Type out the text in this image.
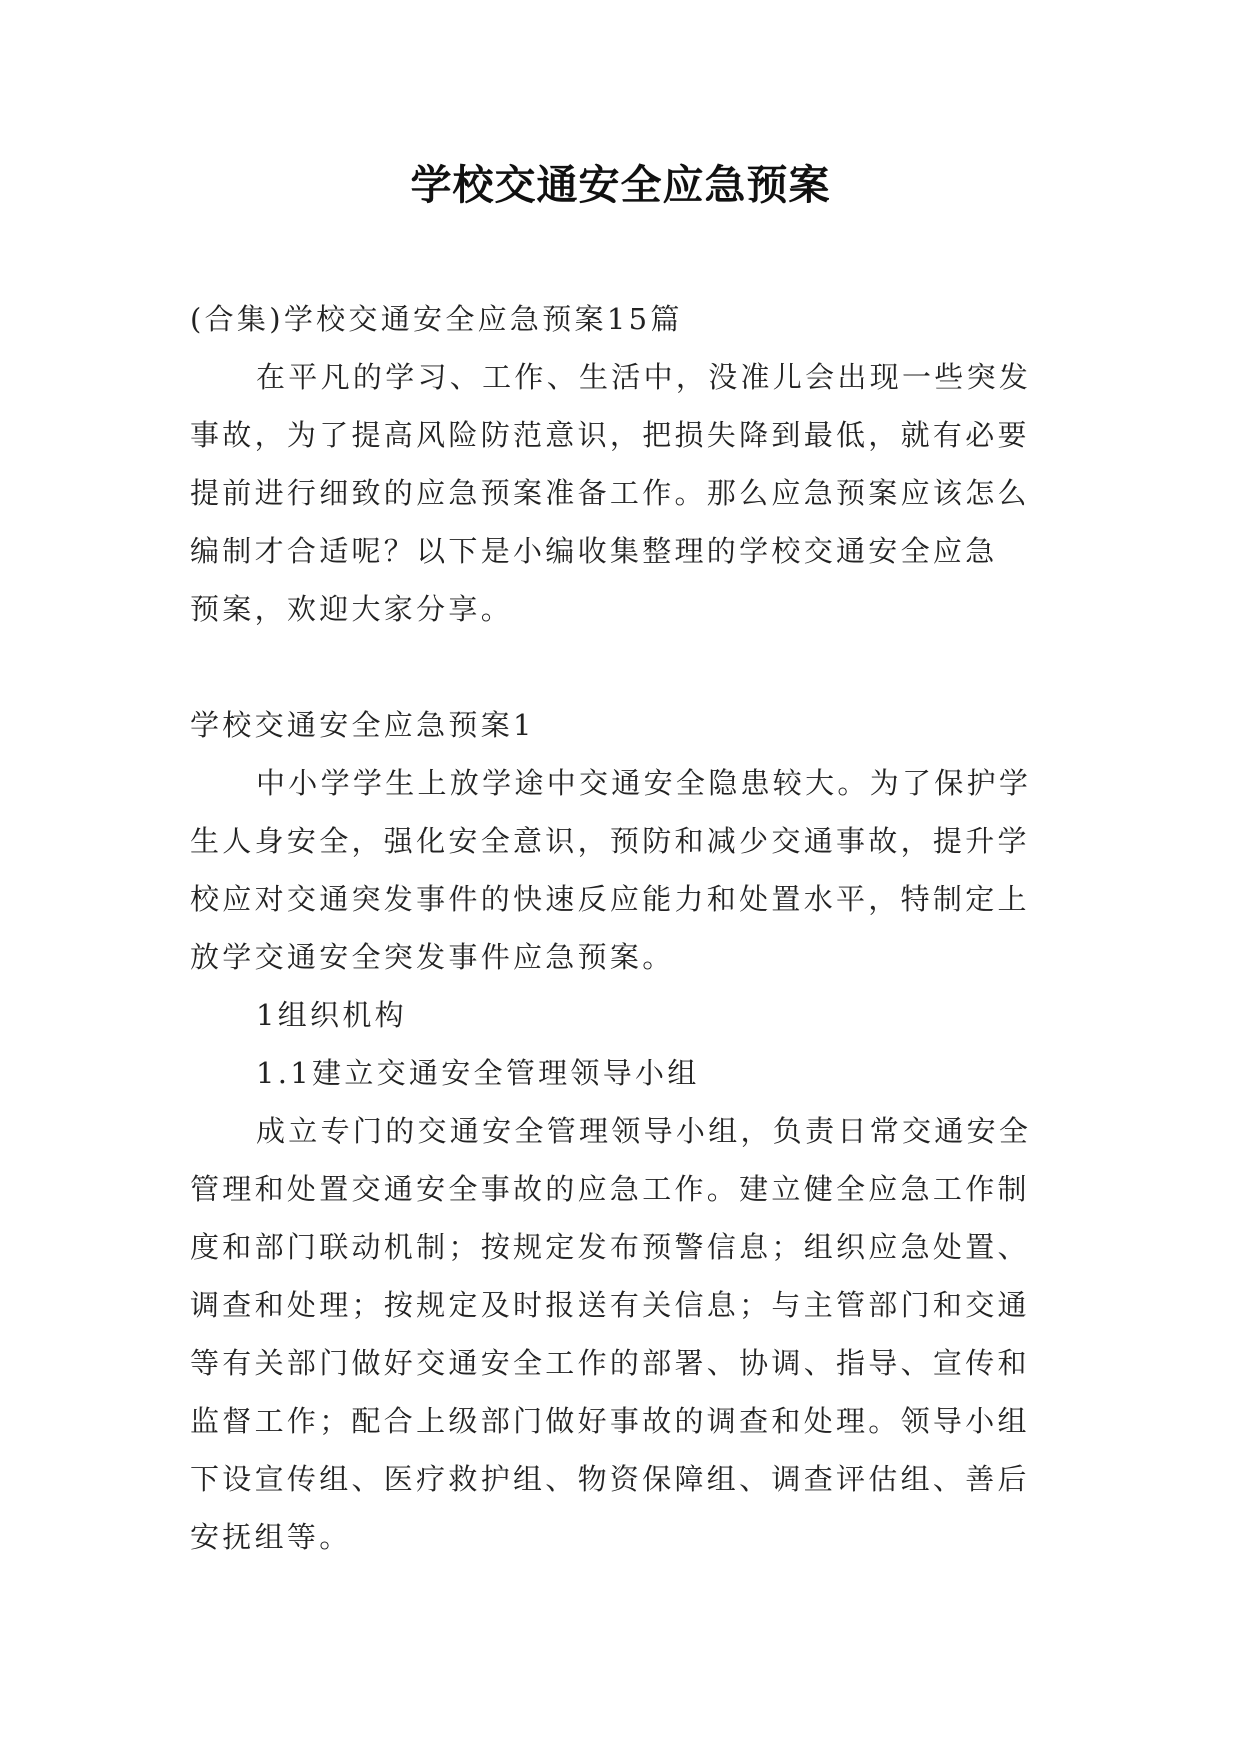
学校交通安全应急预案
(合集)学校交通安全应急预案15篇
在平凡的学习、工作、生活中，没准儿会出现一些突发
事故，为了提高风险防范意识，把损失降到最低，就有必要
提前进行细致的应急预案准备工作。那么应急预案应该怎么
编制才合适呢？以下是小编收集整理的学校交通安全应急
预案，欢迎大家分享。
学校交通安全应急预案1
中小学学生上放学途中交通安全隐患较大。为了保护学
生人身安全，强化安全意识，预防和减少交通事故，提升学
校应对交通突发事件的快速反应能力和处置水平，特制定上
放学交通安全突发事件应急预案。
1组织机构
1.1建立交通安全管理领导小组
成立专门的交通安全管理领导小组，负责日常交通安全
管理和处置交通安全事故的应急工作。建立健全应急工作制
度和部门联动机制；按规定发布预警信息；组织应急处置、
调查和处理；按规定及时报送有关信息；与主管部门和交通
等有关部门做好交通安全工作的部署、协调、指导、宣传和
监督工作；配合上级部门做好事故的调查和处理。领导小组
下设宣传组、医疗救护组、物资保障组、调查评估组、善后
安抚组等。
